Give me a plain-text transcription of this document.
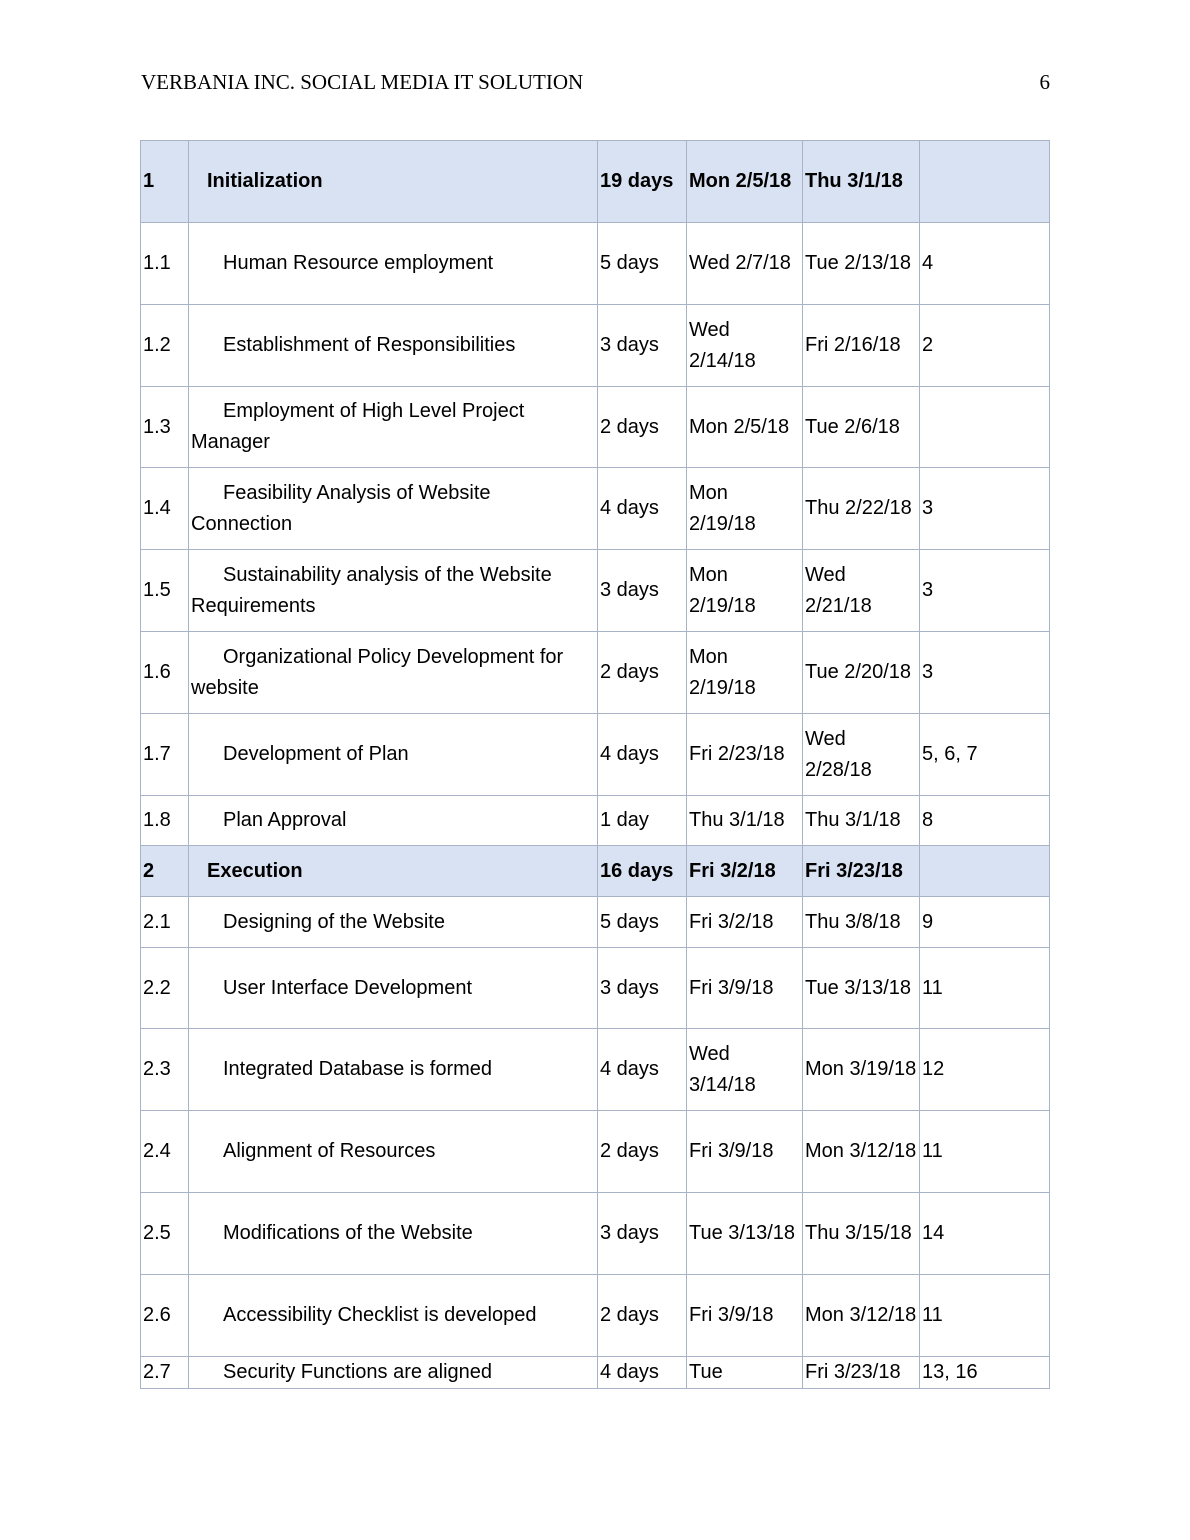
VERBANIA INC. SOCIAL MEDIA IT SOLUTION	6
1	Initialization	19 days	Mon 2/5/18	Thu 3/1/18	
1.1	Human Resource employment	5 days	Wed 2/7/18	Tue 2/13/18	4
1.2	Establishment of Responsibilities	3 days	Wed 2/14/18	Fri 2/16/18	2
1.3	Employment of High Level Project Manager	2 days	Mon 2/5/18	Tue 2/6/18	
1.4	Feasibility Analysis of Website Connection	4 days	Mon 2/19/18	Thu 2/22/18	3
1.5	Sustainability analysis of the Website Requirements	3 days	Mon 2/19/18	Wed 2/21/18	3
1.6	Organizational Policy Development for website	2 days	Mon 2/19/18	Tue 2/20/18	3
1.7	Development of Plan	4 days	Fri 2/23/18	Wed 2/28/18	5, 6, 7
1.8	Plan Approval	1 day	Thu 3/1/18	Thu 3/1/18	8
2	Execution	16 days	Fri 3/2/18	Fri 3/23/18	
2.1	Designing of the Website	5 days	Fri 3/2/18	Thu 3/8/18	9
2.2	User Interface Development	3 days	Fri 3/9/18	Tue 3/13/18	11
2.3	Integrated Database is formed	4 days	Wed 3/14/18	Mon 3/19/18	12
2.4	Alignment of Resources	2 days	Fri 3/9/18	Mon 3/12/18	11
2.5	Modifications of the Website	3 days	Tue 3/13/18	Thu 3/15/18	14
2.6	Accessibility Checklist is developed	2 days	Fri 3/9/18	Mon 3/12/18	11
2.7	Security Functions are aligned	4 days	Tue	Fri 3/23/18	13, 16
